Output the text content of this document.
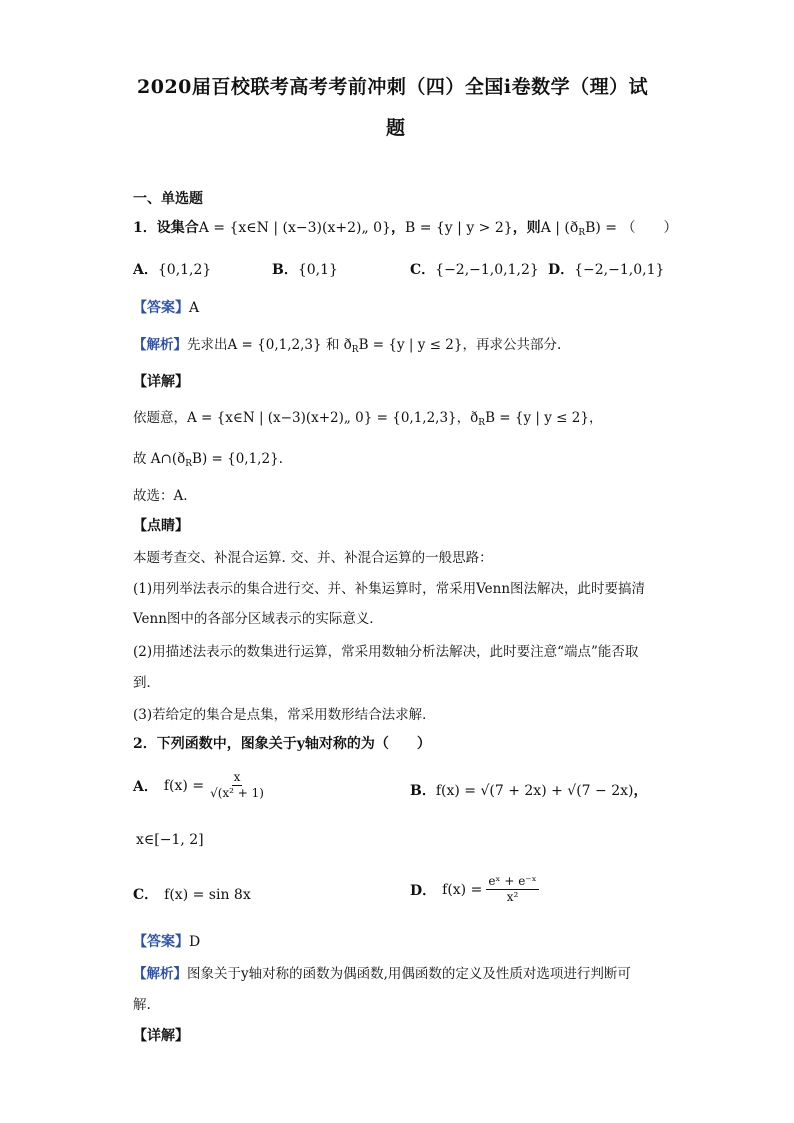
2020届百校联考高考考前冲刺（四）全国ⅰ卷数学（理）试
题
一、单选题
1．设集合A = {x∈N | (x−3)(x+2)„ 0}，B = {y | y > 2}，则A | $(ð_RB)$ = （　　）
A．{0,1,2}	B．{0,1}	C．{−2,−1,0,1,2} D．{−2,−1,0,1}
【答案】A
【解析】先求出A = {0,1,2,3} 和 $ð_RB = \{y$ | y ≤ 2}，再求公共部分.
【详解】
依题意，A = {x∈N | (x−3)(x+2)„ 0} = {0,1,2,3}，$ð_RB = \{y$ | y ≤ 2}，
故 $A\cap(ð_RB) = \{0,1,2\}$.
故选：A.
【点睛】
本题考查交、补混合运算. 交、并、补混合运算的一般思路：
(1)用列举法表示的集合进行交、并、补集运算时，常采用Venn图法解决，此时要搞清
Venn图中的各部分区域表示的实际意义．
(2)用描述法表示的数集进行运算，常采用数轴分析法解决，此时要注意“端点”能否取
到．
(3)若给定的集合是点集，常采用数形结合法求解．
2．下列函数中，图象关于y轴对称的为（　　）
A． $f(x) = \frac{x}{\text{√(x² + 1)}}$	B．f(x) = √(7 + 2x) + √(7 − 2x)，
x∈[−1, 2]
C． f(x) = sin 8x	D． $f(x) = \frac{\text{eˣ + e⁻ˣ}}{\text{x²}}$
【答案】D
【解析】图象关于y轴对称的函数为偶函数,用偶函数的定义及性质对选项进行判断可
解.
【详解】
